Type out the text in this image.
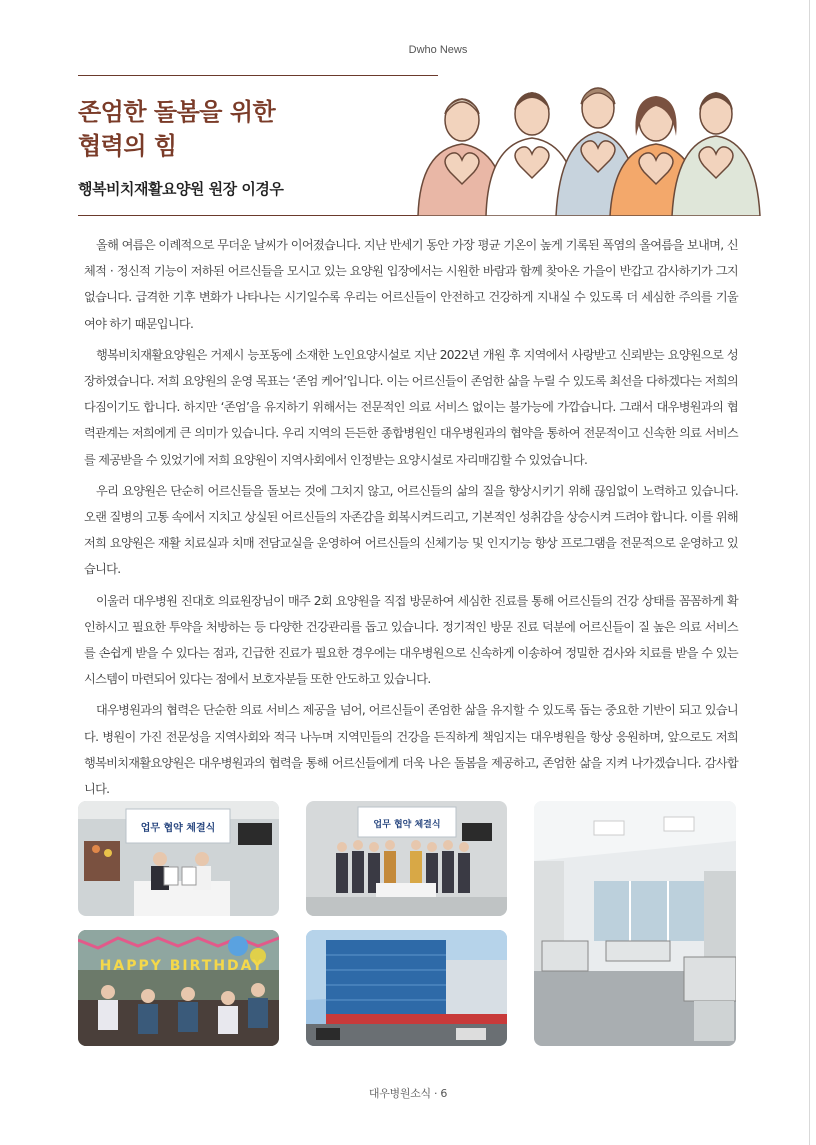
Dwho News
존엄한 돌봄을 위한
협력의 힘
행복비치재활요양원 원장 이경우

올해 여름은 이례적으로 무더운 날씨가 이어졌습니다. 지난 반세기 동안 가장 평균 기온이 높게 기록된 폭염의 올여름을 보내며, 신체적 · 정신적 기능이 저하된 어르신들을 모시고 있는 요양원 입장에서는 시원한 바람과 함께 찾아온 가을이 반갑고 감사하기가 그지 없습니다. 급격한 기후 변화가 나타나는 시기일수록 우리는 어르신들이 안전하고 건강하게 지내실 수 있도록 더 세심한 주의를 기울 여야 하기 때문입니다.

행복비치재활요양원은 거제시 능포동에 소재한 노인요양시설로 지난 2022년 개원 후 지역에서 사랑받고 신뢰받는 요양원으로 성장하였습니다. 저희 요양원의 운영 목표는 ‘존엄 케어’입니다. 이는 어르신들이 존엄한 삶을 누릴 수 있도록 최선을 다하겠다는 저희의 다짐이기도 합니다. 하지만 ‘존엄’을 유지하기 위해서는 전문적인 의료 서비스 없이는 불가능에 가깝습니다. 그래서 대우병원과의 협력관계는 저희에게 큰 의미가 있습니다. 우리 지역의 든든한 종합병원인 대우병원과의 협약을 통하여 전문적이고 신속한 의료 서비스를 제공받을 수 있었기에 저희 요양원이 지역사회에서 인정받는 요양시설로 자리매김할 수 있었습니다.

우리 요양원은 단순히 어르신들을 돌보는 것에 그치지 않고, 어르신들의 삶의 질을 향상시키기 위해 끊임없이 노력하고 있습니다. 오랜 질병의 고통 속에서 지치고 상실된 어르신들의 자존감을 회복시켜드리고, 기본적인 성취감을 상승시켜 드려야 합니다. 이를 위해 저희 요양원은 재활 치료실과 치매 전담교실을 운영하여 어르신들의 신체기능 및 인지기능 향상 프로그램을 전문적으로 운영하고 있습니다.

이울러 대우병원 진대호 의료원장님이 매주 2회 요양원을 직접 방문하여 세심한 진료를 통해 어르신들의 건강 상태를 꼼꼼하게 확인하시고 필요한 투약을 처방하는 등 다양한 건강관리를 돕고 있습니다. 정기적인 방문 진료 덕분에 어르신들이 질 높은 의료 서비스를 손쉽게 받을 수 있다는 점과, 긴급한 진료가 필요한 경우에는 대우병원으로 신속하게 이송하여 정밀한 검사와 치료를 받을 수 있는 시스템이 마련되어 있다는 점에서 보호자분들 또한 안도하고 있습니다.

대우병원과의 협력은 단순한 의료 서비스 제공을 넘어, 어르신들이 존엄한 삶을 유지할 수 있도록 돕는 중요한 기반이 되고 있습니 다. 병원이 가진 전문성을 지역사회와 적극 나누며 지역민들의 건강을 든직하게 책임지는 대우병원을 항상 응원하며, 앞으로도 저희 행복비치재활요양원은 대우병원과의 협력을 통해 어르신들에게 더욱 나은 돌봄을 제공하고, 존엄한 삶을 지켜 나가겠습니다. 감사합니다.

업무 협약 체결식	업무 협약 체결식
HAPPY BIRTHDAY
대우병원소식 · 6
